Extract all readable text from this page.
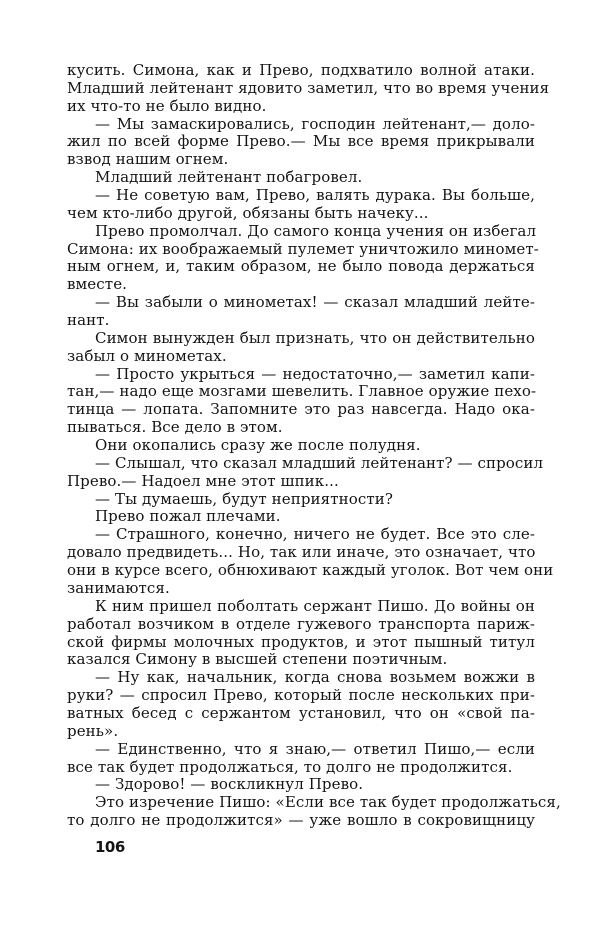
кусить. Симона, как и Прево, подхватило волной атаки.
Младший лейтенант ядовито заметил, что во время учения
их что-то не было видно.
— Мы замаскировались, господин лейтенант,— доло-
жил по всей форме Прево.— Мы все время прикрывали
взвод нашим огнем.
Младший лейтенант побагровел.
— Не советую вам, Прево, валять дурака. Вы больше,
чем кто-либо другой, обязаны быть начеку...
Прево промолчал. До самого конца учения он избегал
Симона: их воображаемый пулемет уничтожило миномет-
ным огнем, и, таким образом, не было повода держаться
вместе.
— Вы забыли о минометах! — сказал младший лейте-
нант.
Симон вынужден был признать, что он действительно
забыл о минометах.
— Просто укрыться — недостаточно,— заметил капи-
тан,— надо еще мозгами шевелить. Главное оружие пехо-
тинца — лопата. Запомните это раз навсегда. Надо ока-
пываться. Все дело в этом.
Они окопались сразу же после полудня.
— Слышал, что сказал младший лейтенант? — спросил
Прево.— Надоел мне этот шпик...
— Ты думаешь, будут неприятности?
Прево пожал плечами.
— Страшного, конечно, ничего не будет. Все это сле-
довало предвидеть... Но, так или иначе, это означает, что
они в курсе всего, обнюхивают каждый уголок. Вот чем они
занимаются.
К ним пришел поболтать сержант Пишо. До войны он
работал возчиком в отделе гужевого транспорта париж-
ской фирмы молочных продуктов, и этот пышный титул
казался Симону в высшей степени поэтичным.
— Ну как, начальник, когда снова возьмем вожжи в
руки? — спросил Прево, который после нескольких при-
ватных бесед с сержантом установил, что он «свой па-
рень».
— Единственно, что я знаю,— ответил Пишо,— если
все так будет продолжаться, то долго не продолжится.
— Здорово! — воскликнул Прево.
Это изречение Пишо: «Если все так будет продолжаться,
то долго не продолжится» — уже вошло в сокровищницу
106
